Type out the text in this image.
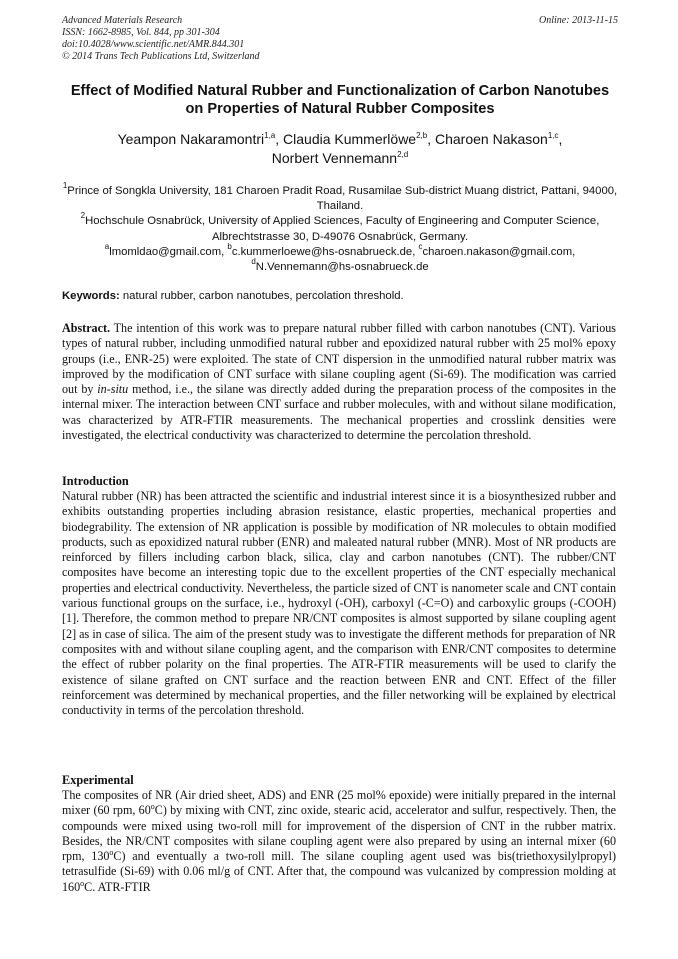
Advanced Materials Research
ISSN: 1662-8985, Vol. 844, pp 301-304
doi:10.4028/www.scientific.net/AMR.844.301
© 2014 Trans Tech Publications Ltd, Switzerland
Online: 2013-11-15
Effect of Modified Natural Rubber and Functionalization of Carbon Nanotubes on Properties of Natural Rubber Composites
Yeampon Nakaramontri$^{1,a}$, Claudia Kummerlöwe$^{2,b}$, Charoen Nakason$^{1,c}$,
Norbert Vennemann$^{2,d}$
$^1$Prince of Songkla University, 181 Charoen Pradit Road, Rusamilae Sub-district Muang district, Pattani, 94000, Thailand.
$^2$Hochschule Osnabrück, University of Applied Sciences, Faculty of Engineering and Computer Science, Albrechtstrasse 30, D-49076 Osnabrück, Germany.
$^a$lmomldao@gmail.com, $^b$c.kummerloewe@hs-osnabrueck.de, $^c$charoen.nakason@gmail.com,
$^d$N.Vennemann@hs-osnabrueck.de
Keywords: natural rubber, carbon nanotubes, percolation threshold.
Abstract. The intention of this work was to prepare natural rubber filled with carbon nanotubes (CNT). Various types of natural rubber, including unmodified natural rubber and epoxidized natural rubber with 25 mol% epoxy groups (i.e., ENR-25) were exploited. The state of CNT dispersion in the unmodified natural rubber matrix was improved by the modification of CNT surface with silane coupling agent (Si-69). The modification was carried out by in-situ method, i.e., the silane was directly added during the preparation process of the composites in the internal mixer. The interaction between CNT surface and rubber molecules, with and without silane modification, was characterized by ATR-FTIR measurements. The mechanical properties and crosslink densities were investigated, the electrical conductivity was characterized to determine the percolation threshold.
Introduction
Natural rubber (NR) has been attracted the scientific and industrial interest since it is a biosynthesized rubber and exhibits outstanding properties including abrasion resistance, elastic properties, mechanical properties and biodegrability. The extension of NR application is possible by modification of NR molecules to obtain modified products, such as epoxidized natural rubber (ENR) and maleated natural rubber (MNR). Most of NR products are reinforced by fillers including carbon black, silica, clay and carbon nanotubes (CNT). The rubber/CNT composites have become an interesting topic due to the excellent properties of the CNT especially mechanical properties and electrical conductivity. Nevertheless, the particle sized of CNT is nanometer scale and CNT contain various functional groups on the surface, i.e., hydroxyl (-OH), carboxyl (-C=O) and carboxylic groups (-COOH) [1]. Therefore, the common method to prepare NR/CNT composites is almost supported by silane coupling agent [2] as in case of silica. The aim of the present study was to investigate the different methods for preparation of NR composites with and without silane coupling agent, and the comparison with ENR/CNT composites to determine the effect of rubber polarity on the final properties. The ATR-FTIR measurements will be used to clarify the existence of silane grafted on CNT surface and the reaction between ENR and CNT. Effect of the filler reinforcement was determined by mechanical properties, and the filler networking will be explained by electrical conductivity in terms of the percolation threshold.
Experimental
The composites of NR (Air dried sheet, ADS) and ENR (25 mol% epoxide) were initially prepared in the internal mixer (60 rpm, 60$^o$C) by mixing with CNT, zinc oxide, stearic acid, accelerator and sulfur, respectively. Then, the compounds were mixed using two-roll mill for improvement of the dispersion of CNT in the rubber matrix. Besides, the NR/CNT composites with silane coupling agent were also prepared by using an internal mixer (60 rpm, 130$^o$C) and eventually a two-roll mill. The silane coupling agent used was bis(triethoxysilylpropyl) tetrasulfide (Si-69) with 0.06 ml/g of CNT. After that, the compound was vulcanized by compression molding at 160$^o$C. ATR-FTIR
